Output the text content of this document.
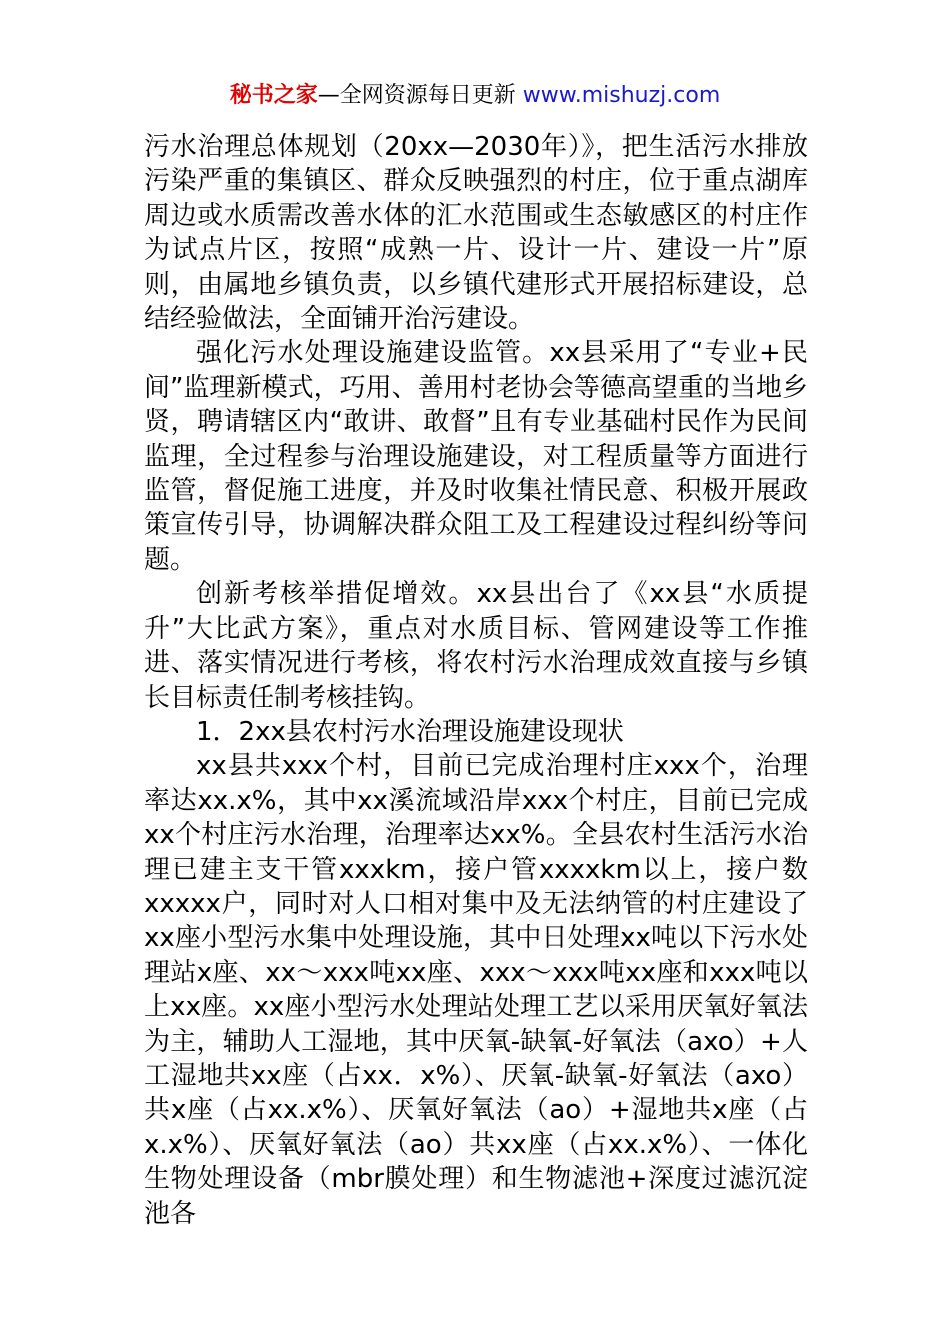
秘书之家—全网资源每日更新 www.mishuzj.com

污水治理总体规划（20xx—2030年）》，把生活污水排放污染严重的集镇区、群众反映强烈的村庄，位于重点湖库周边或水质需改善水体的汇水范围或生态敏感区的村庄作为试点片区，按照“成熟一片、设计一片、建设一片”原则，由属地乡镇负责，以乡镇代建形式开展招标建设，总结经验做法，全面铺开治污建设。

强化污水处理设施建设监管。xx县采用了“专业+民间”监理新模式，巧用、善用村老协会等德高望重的当地乡贤，聘请辖区内“敢讲、敢督”且有专业基础村民作为民间监理，全过程参与治理设施建设，对工程质量等方面进行监管，督促施工进度，并及时收集社情民意、积极开展政策宣传引导，协调解决群众阻工及工程建设过程纠纷等问题。

创新考核举措促增效。xx县出台了《xx县“水质提升”大比武方案》，重点对水质目标、管网建设等工作推进、落实情况进行考核，将农村污水治理成效直接与乡镇长目标责任制考核挂钩。

1．2xx县农村污水治理设施建设现状

xx县共xxx个村，目前已完成治理村庄xxx个，治理率达xx.x%，其中xx溪流域沿岸xxx个村庄，目前已完成xx个村庄污水治理，治理率达xx%。全县农村生活污水治理已建主支干管xxxkm，接户管xxxxkm以上，接户数xxxxx户，同时对人口相对集中及无法纳管的村庄建设了xx座小型污水集中处理设施，其中日处理xx吨以下污水处理站x座、xx～xxx吨xx座、xxx～xxx吨xx座和xxx吨以上xx座。xx座小型污水处理站处理工艺以采用厌氧好氧法为主，辅助人工湿地，其中厌氧-缺氧-好氧法（axo）+人工湿地共xx座（占xx．x%）、厌氧-缺氧-好氧法（axo）共x座（占xx.x%）、厌氧好氧法（ao）+湿地共x座（占x.x%）、厌氧好氧法（ao）共xx座（占xx.x%）、一体化生物处理设备（mbr膜处理）和生物滤池+深度过滤沉淀池各
